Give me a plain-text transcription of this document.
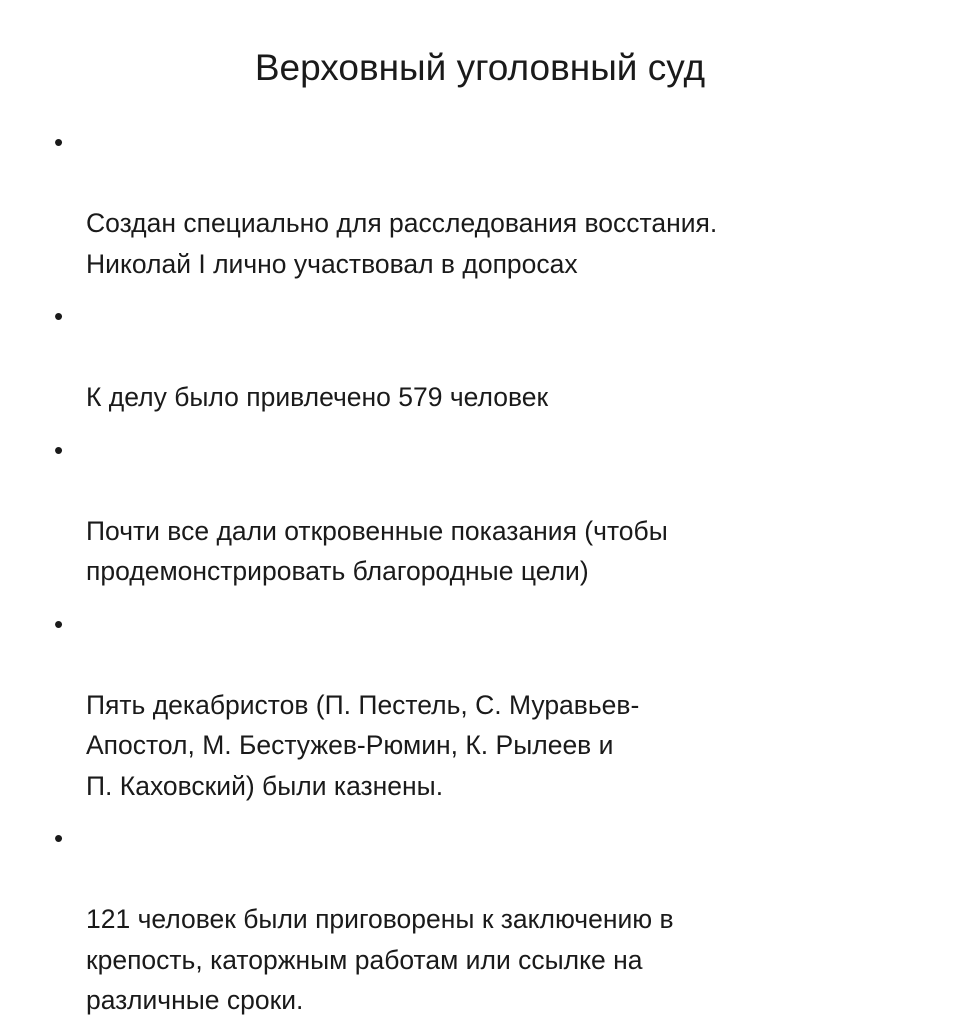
Верховный уголовный суд

•

Создан специально для расследования восстания.
Николай I лично участвовал в допросах

•

К делу было привлечено 579 человек

•

Почти все дали откровенные показания (чтобы
продемонстрировать благородные цели)

•

Пять декабристов (П. Пестель, С. Муравьев-
Апостол, М. Бестужев-Рюмин, К. Рылеев и
П. Каховский) были казнены.

•

121 человек были приговорены к заключению в
крепость, каторжным работам или ссылке на
различные сроки.
